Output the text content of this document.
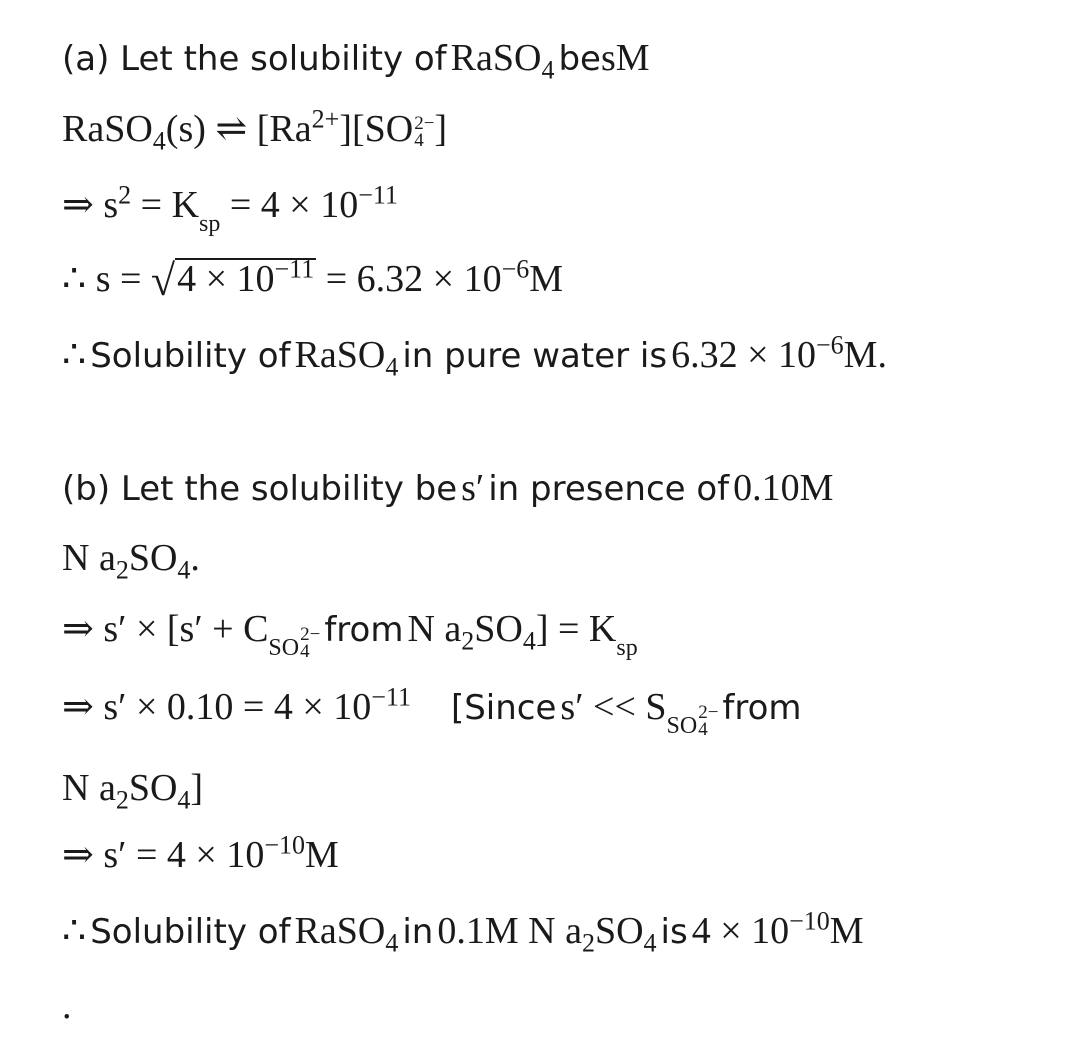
(a) Let the solubility of RaSO$_4$ besM
RaSO$_4$(s) ⇌ $[Ra^{2+}][SO$ 2−
4 ]
⇒ $s^2$ = Ksp = $4 \times 10^{-11}$
∴ $s = √4 \times 10^{-11} = 6.32 \times 10^{-6}M$
∴ Solubility of RaSO$_4$ in pure water is $6.32 \times 10^{-6}M$.
(b) Let the solubility be s′ in presence of 0.10M
N $a_2SO_4$.
⇒ s′ × [s′ + CSO
2−
4
from N $a_2SO_4$] = Ksp
⇒ $s' \times 0.10 = 4 \times 10^{-11}$ [Since s′ << SSO
2−
4
from
N $a_2SO_4$]
⇒ $s' = 4 \times 10^{-10}M$
∴ Solubility of RaSO$_4$ in 0.1M N $a_2SO_4$ is $4 \times 10^{-10}M$
.
